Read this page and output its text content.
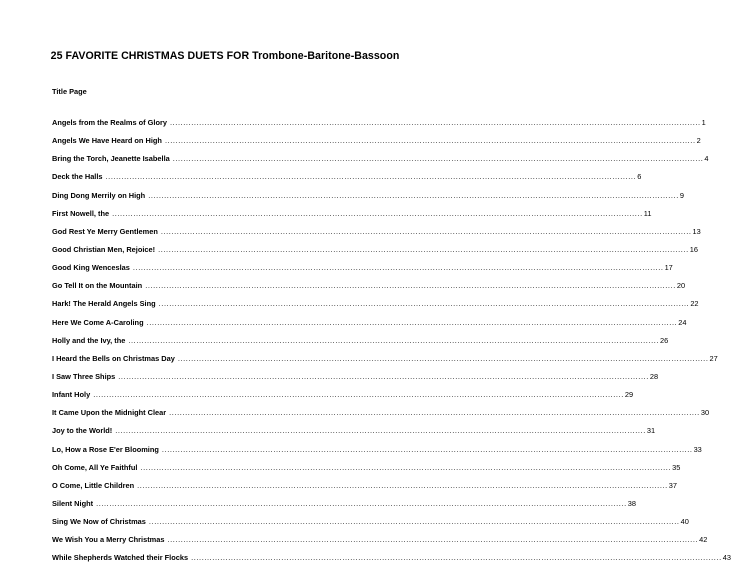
25 FAVORITE CHRISTMAS DUETS FOR Trombone-Baritone-Bassoon
Title Page
Angels from the Realms of Glory ........................................................................................................................................................................................................ 1
Angels We Have Heard on High ........................................................................................................................................................................................................ 2
Bring the Torch, Jeanette Isabella ........................................................................................................................................................................................................ 4
Deck the Halls ........................................................................................................................................................................................................ 6
Ding Dong Merrily on High ........................................................................................................................................................................................................ 9
First Nowell, the ........................................................................................................................................................................................................ 11
God Rest Ye Merry Gentlemen ........................................................................................................................................................................................................ 13
Good Christian Men, Rejoice! ........................................................................................................................................................................................................ 16
Good King Wenceslas ........................................................................................................................................................................................................ 17
Go Tell It on the Mountain ........................................................................................................................................................................................................ 20
Hark! The Herald Angels Sing ........................................................................................................................................................................................................ 22
Here We Come A-Caroling ........................................................................................................................................................................................................ 24
Holly and the Ivy, the ........................................................................................................................................................................................................ 26
I Heard the Bells on Christmas Day ........................................................................................................................................................................................................ 27
I Saw Three Ships ........................................................................................................................................................................................................ 28
Infant Holy ........................................................................................................................................................................................................ 29
It Came Upon the Midnight Clear ........................................................................................................................................................................................................ 30
Joy to the World! ........................................................................................................................................................................................................ 31
Lo, How a Rose E'er Blooming ........................................................................................................................................................................................................ 33
Oh Come, All Ye Faithful ........................................................................................................................................................................................................ 35
O Come, Little Children ........................................................................................................................................................................................................ 37
Silent Night ........................................................................................................................................................................................................ 38
Sing We Now of Christmas ........................................................................................................................................................................................................ 40
We Wish You a Merry Christmas ........................................................................................................................................................................................................ 42
While Shepherds Watched their Flocks ........................................................................................................................................................................................................ 43
